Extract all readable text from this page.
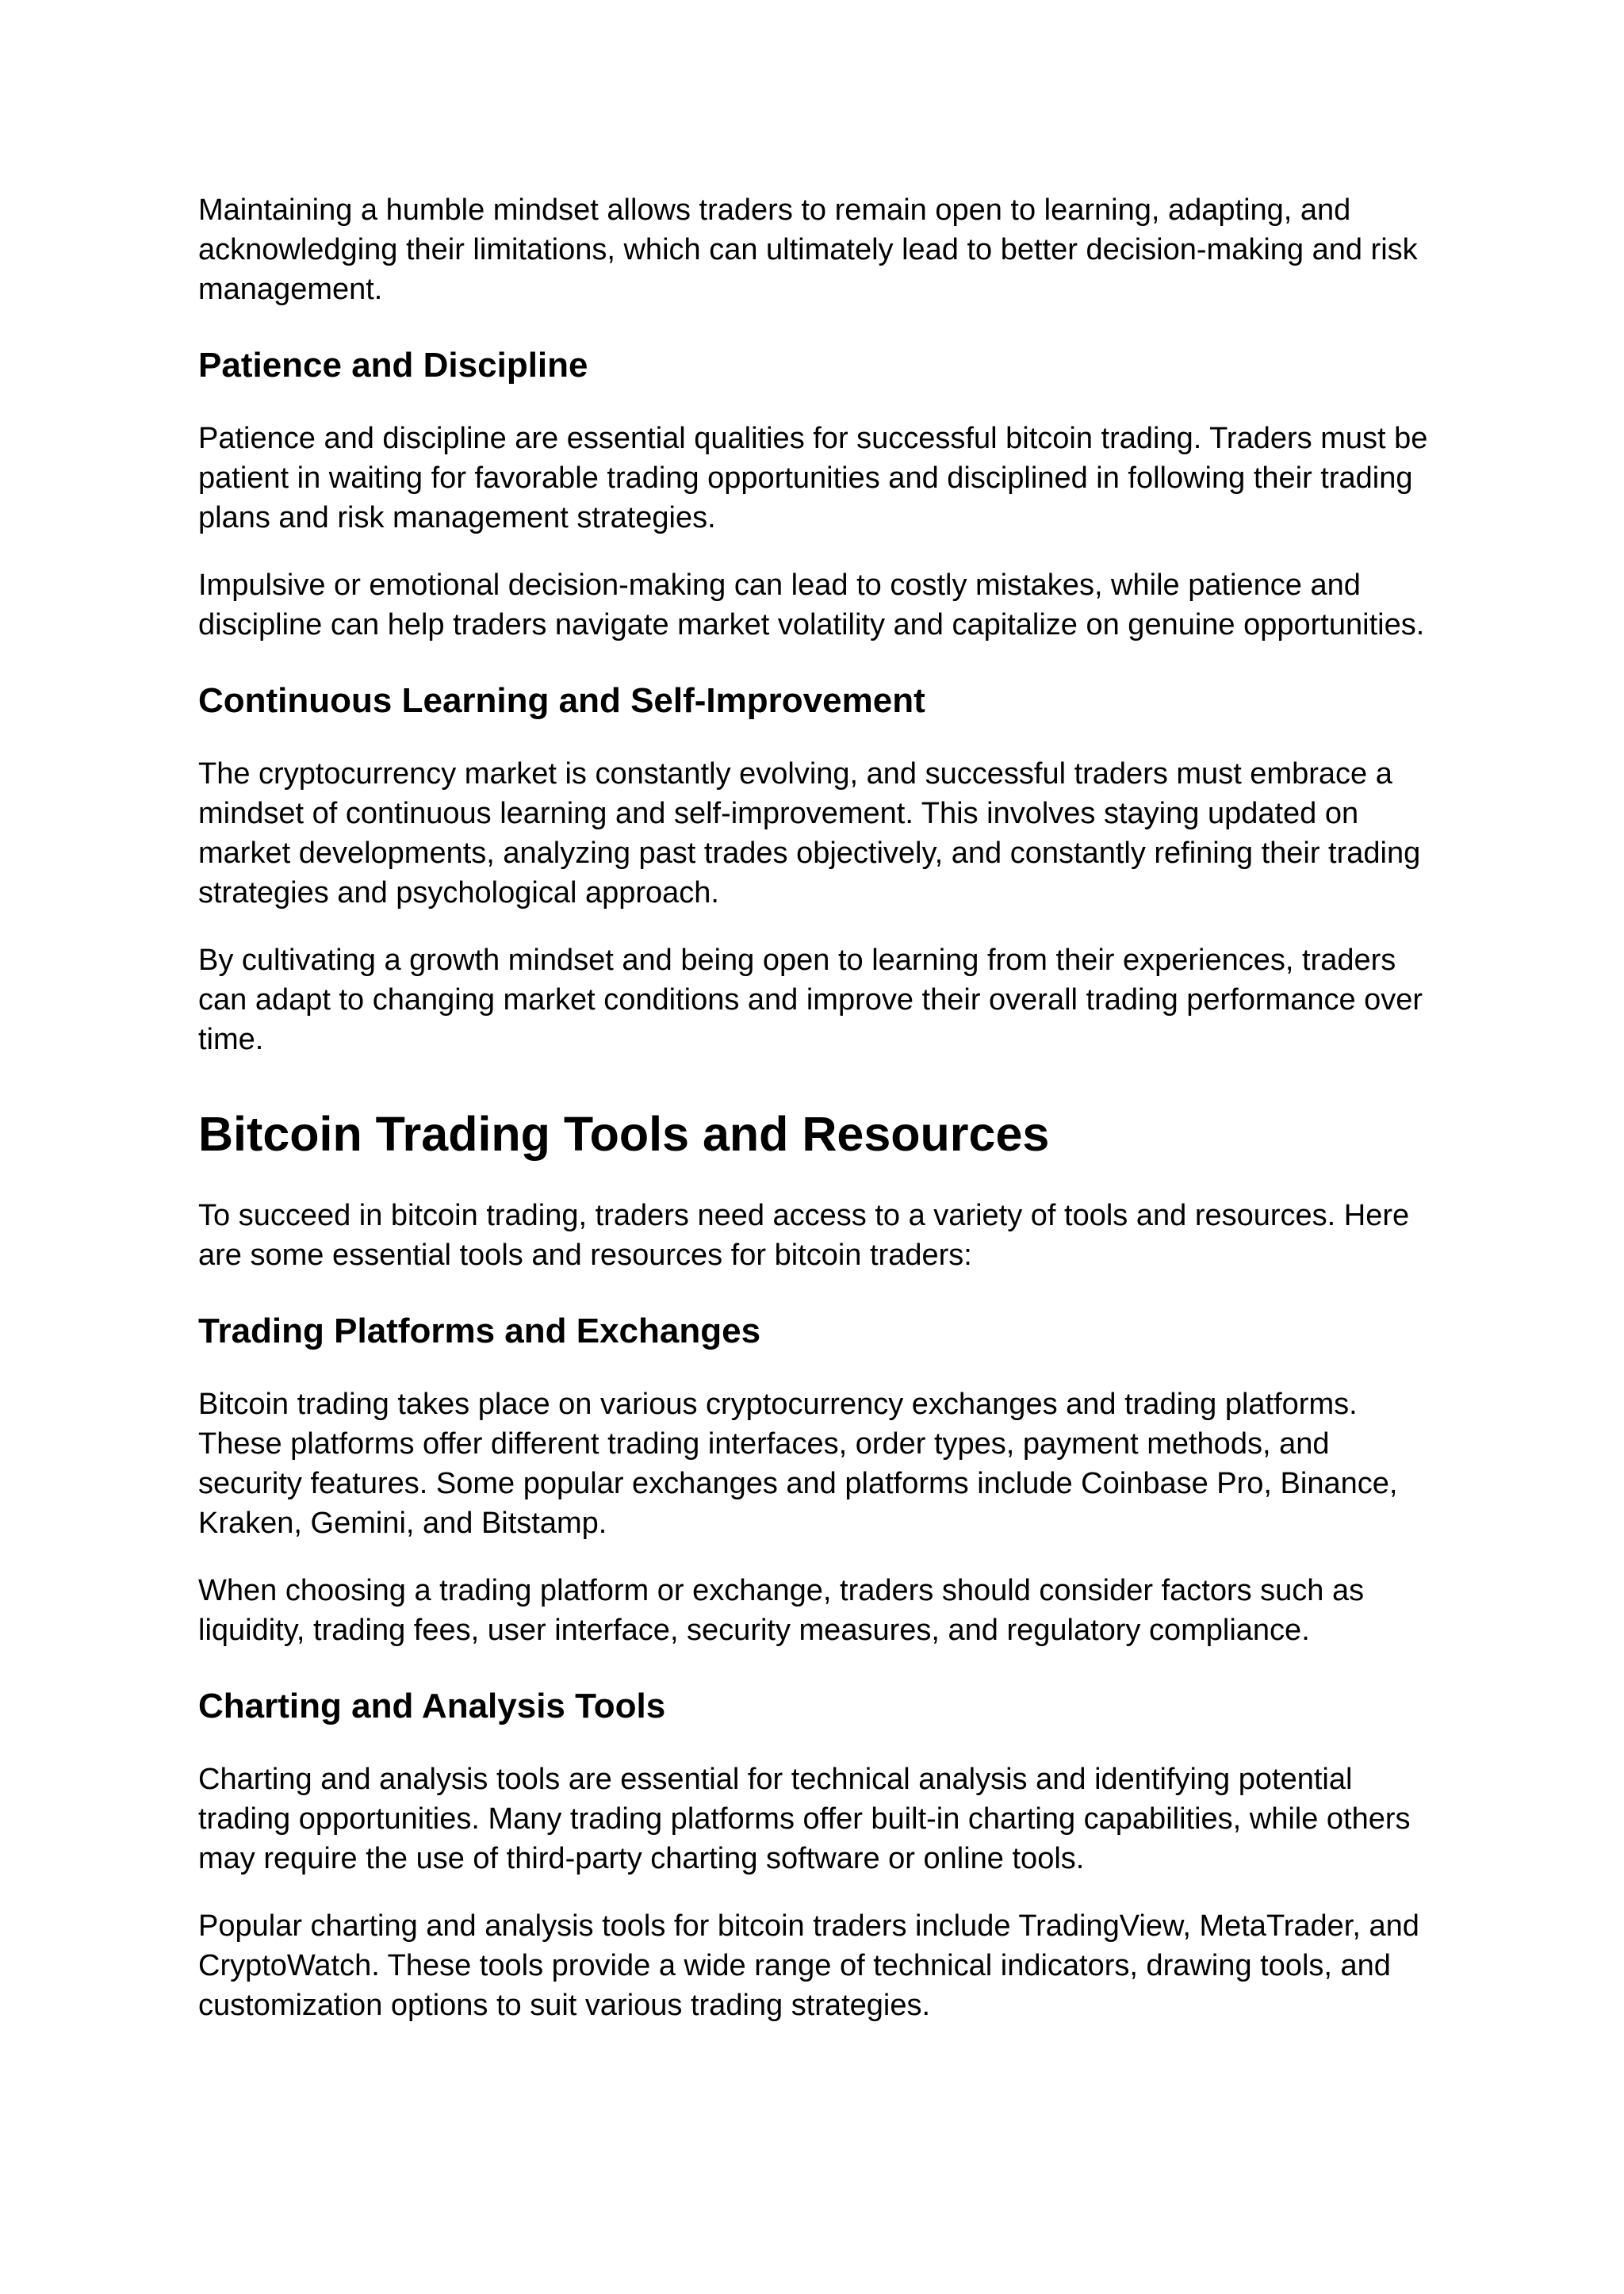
Maintaining a humble mindset allows traders to remain open to learning, adapting, and acknowledging their limitations, which can ultimately lead to better decision-making and risk management.

Patience and Discipline

Patience and discipline are essential qualities for successful bitcoin trading. Traders must be patient in waiting for favorable trading opportunities and disciplined in following their trading plans and risk management strategies.

Impulsive or emotional decision-making can lead to costly mistakes, while patience and discipline can help traders navigate market volatility and capitalize on genuine opportunities.

Continuous Learning and Self-Improvement

The cryptocurrency market is constantly evolving, and successful traders must embrace a mindset of continuous learning and self-improvement. This involves staying updated on market developments, analyzing past trades objectively, and constantly refining their trading strategies and psychological approach.

By cultivating a growth mindset and being open to learning from their experiences, traders can adapt to changing market conditions and improve their overall trading performance over time.

Bitcoin Trading Tools and Resources

To succeed in bitcoin trading, traders need access to a variety of tools and resources. Here are some essential tools and resources for bitcoin traders:

Trading Platforms and Exchanges

Bitcoin trading takes place on various cryptocurrency exchanges and trading platforms. These platforms offer different trading interfaces, order types, payment methods, and security features. Some popular exchanges and platforms include Coinbase Pro, Binance, Kraken, Gemini, and Bitstamp.

When choosing a trading platform or exchange, traders should consider factors such as liquidity, trading fees, user interface, security measures, and regulatory compliance.

Charting and Analysis Tools

Charting and analysis tools are essential for technical analysis and identifying potential trading opportunities. Many trading platforms offer built-in charting capabilities, while others may require the use of third-party charting software or online tools.

Popular charting and analysis tools for bitcoin traders include TradingView, MetaTrader, and CryptoWatch. These tools provide a wide range of technical indicators, drawing tools, and customization options to suit various trading strategies.
